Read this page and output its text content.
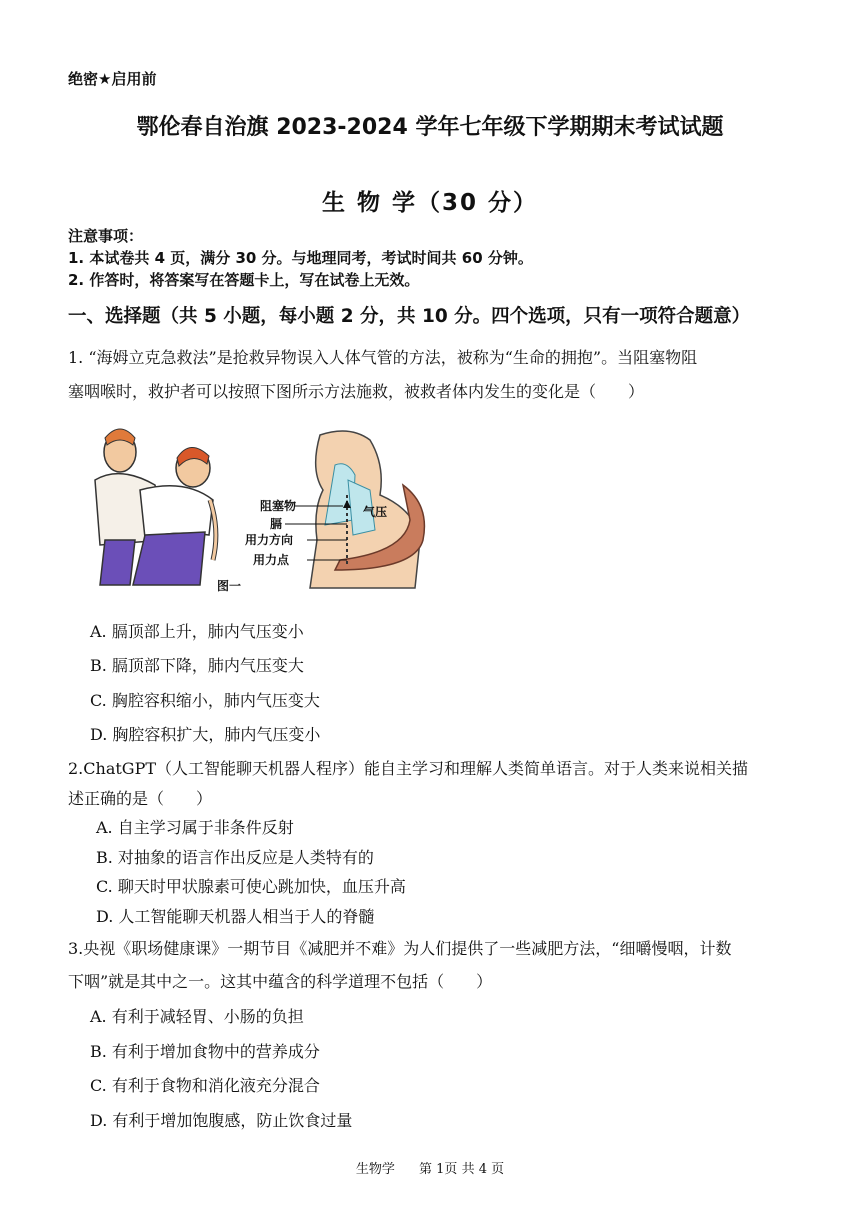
绝密★启用前
鄂伦春自治旗 2023-2024 学年七年级下学期期末考试试题
生 物 学（30 分）
注意事项：
1. 本试卷共 4 页，满分 30 分。与地理同考，考试时间共 60 分钟。
2. 作答时，将答案写在答题卡上，写在试卷上无效。
一、选择题（共 5 小题，每小题 2 分，共 10 分。四个选项，只有一项符合题意）
1. “海姆立克急救法”是抢救异物误入人体气管的方法，被称为“生命的拥抱”。当阻塞物阻
塞咽喉时，救护者可以按照下图所示方法施救，被救者体内发生的变化是（　　）
阻塞物
膈
用力方向
用力点
气压
图一
A. 膈顶部上升，肺内气压变小
B. 膈顶部下降，肺内气压变大
C. 胸腔容积缩小，肺内气压变大
D. 胸腔容积扩大，肺内气压变小
2.ChatGPT（人工智能聊天机器人程序）能自主学习和理解人类简单语言。对于人类来说相关描
述正确的是（　　）
A. 自主学习属于非条件反射
B. 对抽象的语言作出反应是人类特有的
C. 聊天时甲状腺素可使心跳加快，血压升高
D. 人工智能聊天机器人相当于人的脊髓
3.央视《职场健康课》一期节目《减肥并不难》为人们提供了一些减肥方法，“细嚼慢咽，计数
下咽”就是其中之一。这其中蕴含的科学道理不包括（　　）
A. 有利于减轻胃、小肠的负担
B. 有利于增加食物中的营养成分
C. 有利于食物和消化液充分混合
D. 有利于增加饱腹感，防止饮食过量
生物学 第 1页 共 4 页
